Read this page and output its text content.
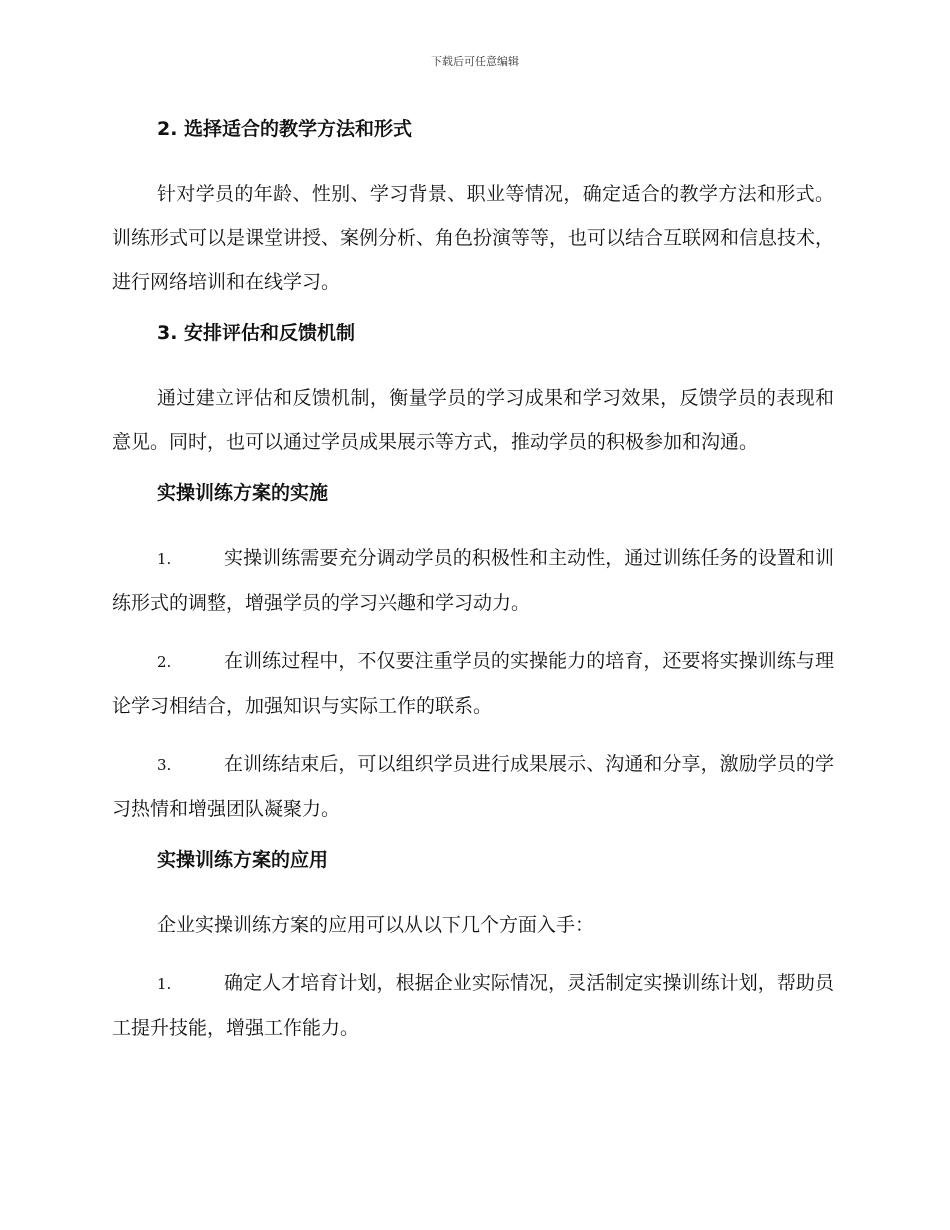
下载后可任意编辑
2. 选择适合的教学方法和形式

针对学员的年龄、性别、学习背景、职业等情况，确定适合的教学方法和形式。训练形式可以是课堂讲授、案例分析、角色扮演等等，也可以结合互联网和信息技术，进行网络培训和在线学习。

3. 安排评估和反馈机制

通过建立评估和反馈机制，衡量学员的学习成果和学习效果，反馈学员的表现和意见。同时，也可以通过学员成果展示等方式，推动学员的积极参加和沟通。

实操训练方案的实施

1.	实操训练需要充分调动学员的积极性和主动性，通过训练任务的设置和训练形式的调整，增强学员的学习兴趣和学习动力。

2.	在训练过程中，不仅要注重学员的实操能力的培育，还要将实操训练与理论学习相结合，加强知识与实际工作的联系。

3.	在训练结束后，可以组织学员进行成果展示、沟通和分享，激励学员的学习热情和增强团队凝聚力。

实操训练方案的应用

企业实操训练方案的应用可以从以下几个方面入手：

1.	确定人才培育计划，根据企业实际情况，灵活制定实操训练计划，帮助员工提升技能，增强工作能力。
